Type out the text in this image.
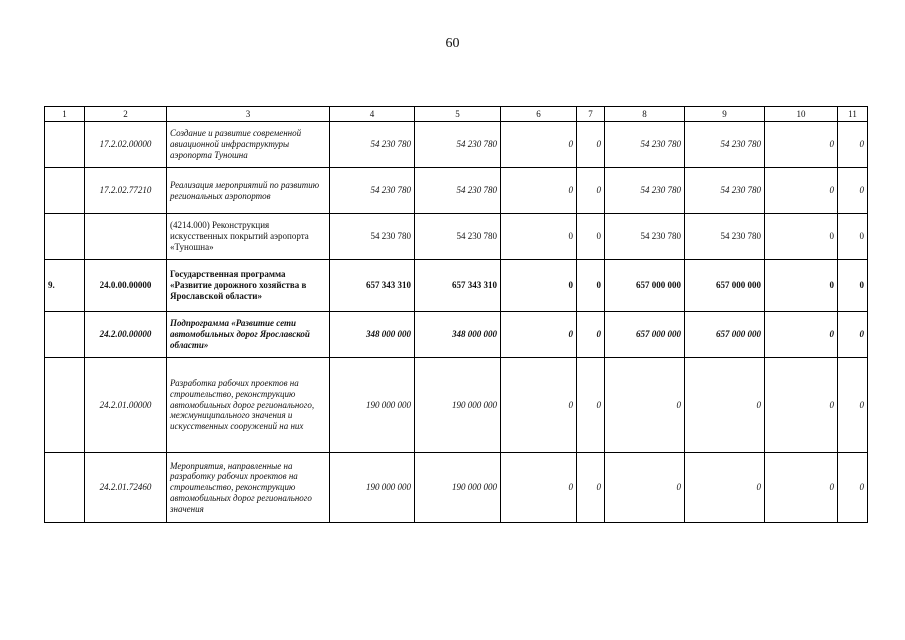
60
1	2	3	4	5	6	7	8	9	10	11
	17.2.02.00000	Создание и развитие современной авиационной инфраструктуры аэропорта Туношна	54 230 780	54 230 780	0	0	54 230 780	54 230 780	0	0
	17.2.02.77210	Реализация мероприятий по развитию региональных аэропортов	54 230 780	54 230 780	0	0	54 230 780	54 230 780	0	0
		(4214.000) Реконструкция искусственных покрытий аэропорта «Туношна»	54 230 780	54 230 780	0	0	54 230 780	54 230 780	0	0
9.	24.0.00.00000	Государственная программа «Развитие дорожного хозяйства в Ярославской области»	657 343 310	657 343 310	0	0	657 000 000	657 000 000	0	0
	24.2.00.00000	Подпрограмма «Развитие сети автомобильных дорог Ярославской области»	348 000 000	348 000 000	0	0	657 000 000	657 000 000	0	0
	24.2.01.00000	Разработка рабочих проектов на строительство, реконструкцию автомобильных дорог регионального, межмуниципального значения и искусственных сооружений на них	190 000 000	190 000 000	0	0	0	0	0	0
	24.2.01.72460	Мероприятия, направленные на разработку рабочих проектов на строительство, реконструкцию автомобильных дорог регионального значения	190 000 000	190 000 000	0	0	0	0	0	0
